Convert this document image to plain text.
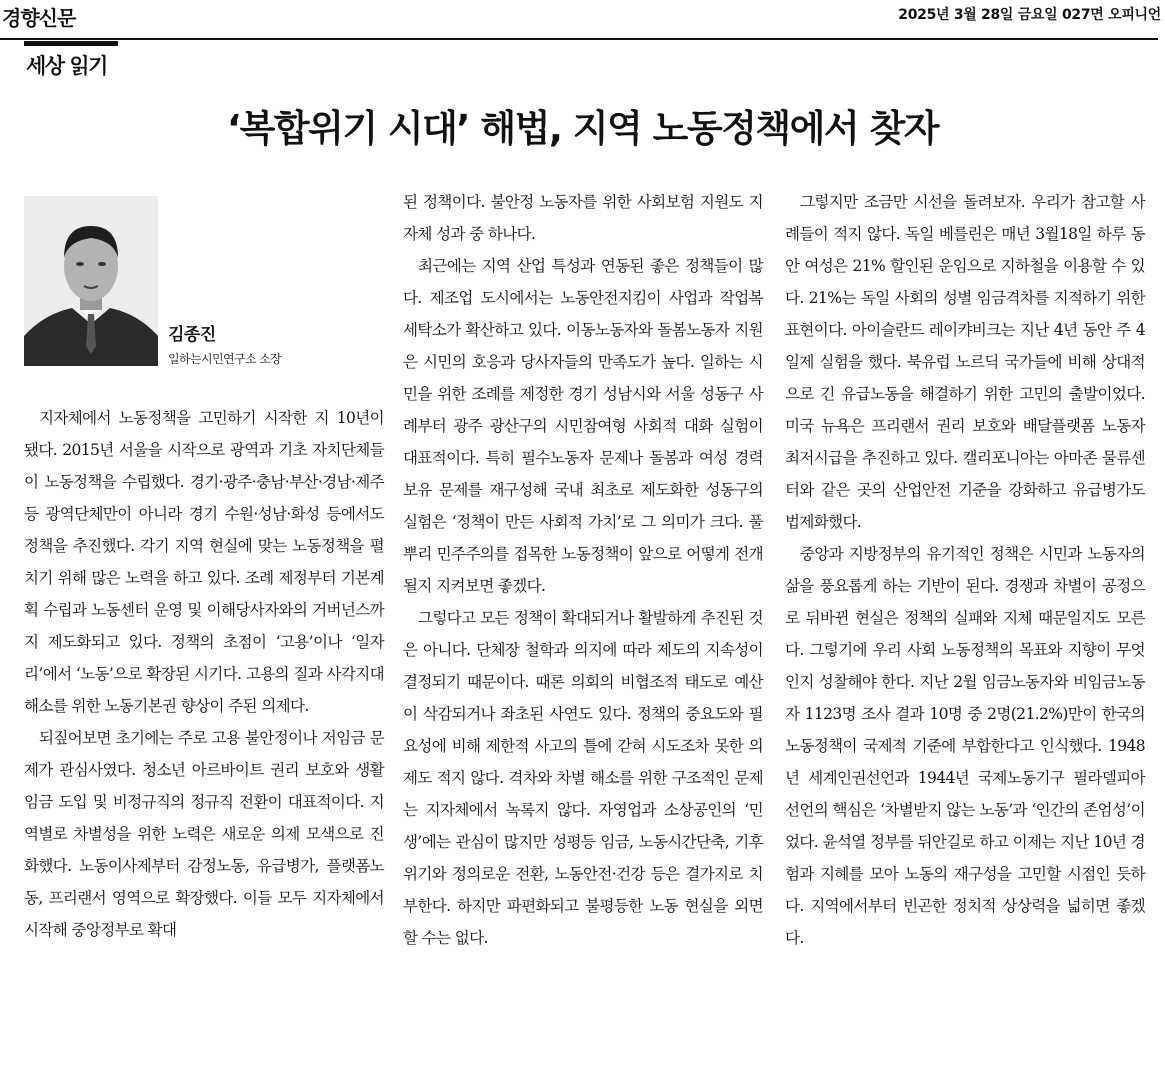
경향신문	2025년 3월 28일 금요일 027면 오피니언
세상 읽기
‘복합위기 시대’ 해법, 지역 노동정책에서 찾자
김종진
일하는시민연구소 소장

지자체에서 노동정책을 고민하기 시작한 지 10년이 됐다. 2015년 서울을 시작으로 광역과 기초 자치단체들이 노동정책을 수립했다. 경기·광주·충남·부산·경남·제주 등 광역단체만이 아니라 경기 수원·성남·화성 등에서도 정책을 추진했다. 각기 지역 현실에 맞는 노동정책을 펼치기 위해 많은 노력을 하고 있다. 조례 제정부터 기본계획 수립과 노동센터 운영 및 이해당사자와의 거버넌스까지 제도화되고 있다. 정책의 초점이 ‘고용’이나 ‘일자리’에서 ‘노동’으로 확장된 시기다. 고용의 질과 사각지대 해소를 위한 노동기본권 향상이 주된 의제다.

되짚어보면 초기에는 주로 고용 불안정이나 저임금 문제가 관심사였다. 청소년 아르바이트 권리 보호와 생활임금 도입 및 비정규직의 정규직 전환이 대표적이다. 지역별로 차별성을 위한 노력은 새로운 의제 모색으로 진화했다. 노동이사제부터 감정노동, 유급병가, 플랫폼노동, 프리랜서 영역으로 확장했다. 이들 모두 지자체에서 시작해 중앙정부로 확대

된 정책이다. 불안정 노동자를 위한 사회보험 지원도 지자체 성과 중 하나다.

최근에는 지역 산업 특성과 연동된 좋은 정책들이 많다. 제조업 도시에서는 노동안전지킴이 사업과 작업복 세탁소가 확산하고 있다. 이동노동자와 돌봄노동자 지원은 시민의 호응과 당사자들의 만족도가 높다. 일하는 시민을 위한 조례를 제정한 경기 성남시와 서울 성동구 사례부터 광주 광산구의 시민참여형 사회적 대화 실험이 대표적이다. 특히 필수노동자 문제나 돌봄과 여성 경력보유 문제를 재구성해 국내 최초로 제도화한 성동구의 실험은 ‘정책이 만든 사회적 가치’로 그 의미가 크다. 풀뿌리 민주주의를 접목한 노동정책이 앞으로 어떻게 전개될지 지켜보면 좋겠다.

그렇다고 모든 정책이 확대되거나 활발하게 추진된 것은 아니다. 단체장 철학과 의지에 따라 제도의 지속성이 결정되기 때문이다. 때론 의회의 비협조적 태도로 예산이 삭감되거나 좌초된 사연도 있다. 정책의 중요도와 필요성에 비해 제한적 사고의 틀에 갇혀 시도조차 못한 의제도 적지 않다. 격차와 차별 해소를 위한 구조적인 문제는 지자체에서 녹록지 않다. 자영업과 소상공인의 ‘민생’에는 관심이 많지만 성평등 임금, 노동시간단축, 기후위기와 정의로운 전환, 노동안전·건강 등은 결가지로 치부한다. 하지만 파편화되고 불평등한 노동 현실을 외면할 수는 없다.

그렇지만 조금만 시선을 돌려보자. 우리가 참고할 사례들이 적지 않다. 독일 베를린은 매년 3월18일 하루 동안 여성은 21% 할인된 운임으로 지하철을 이용할 수 있다. 21%는 독일 사회의 성별 임금격차를 지적하기 위한 표현이다. 아이슬란드 레이캬비크는 지난 4년 동안 주 4일제 실험을 했다. 북유럽 노르딕 국가들에 비해 상대적으로 긴 유급노동을 해결하기 위한 고민의 출발이었다. 미국 뉴욕은 프리랜서 권리 보호와 배달플랫폼 노동자 최저시급을 추진하고 있다. 캘리포니아는 아마존 물류센터와 같은 곳의 산업안전 기준을 강화하고 유급병가도 법제화했다.

중앙과 지방정부의 유기적인 정책은 시민과 노동자의 삶을 풍요롭게 하는 기반이 된다. 경쟁과 차별이 공정으로 뒤바뀐 현실은 정책의 실패와 지체 때문일지도 모른다. 그렇기에 우리 사회 노동정책의 목표와 지향이 무엇인지 성찰해야 한다. 지난 2월 임금노동자와 비임금노동자 1123명 조사 결과 10명 중 2명(21.2%)만이 한국의 노동정책이 국제적 기준에 부합한다고 인식했다. 1948년 세계인권선언과 1944년 국제노동기구 필라델피아 선언의 핵심은 ‘차별받지 않는 노동’과 ‘인간의 존엄성’이었다. 윤석열 정부를 뒤안길로 하고 이제는 지난 10년 경험과 지혜를 모아 노동의 재구성을 고민할 시점인 듯하다. 지역에서부터 빈곤한 정치적 상상력을 넓히면 좋겠다.
